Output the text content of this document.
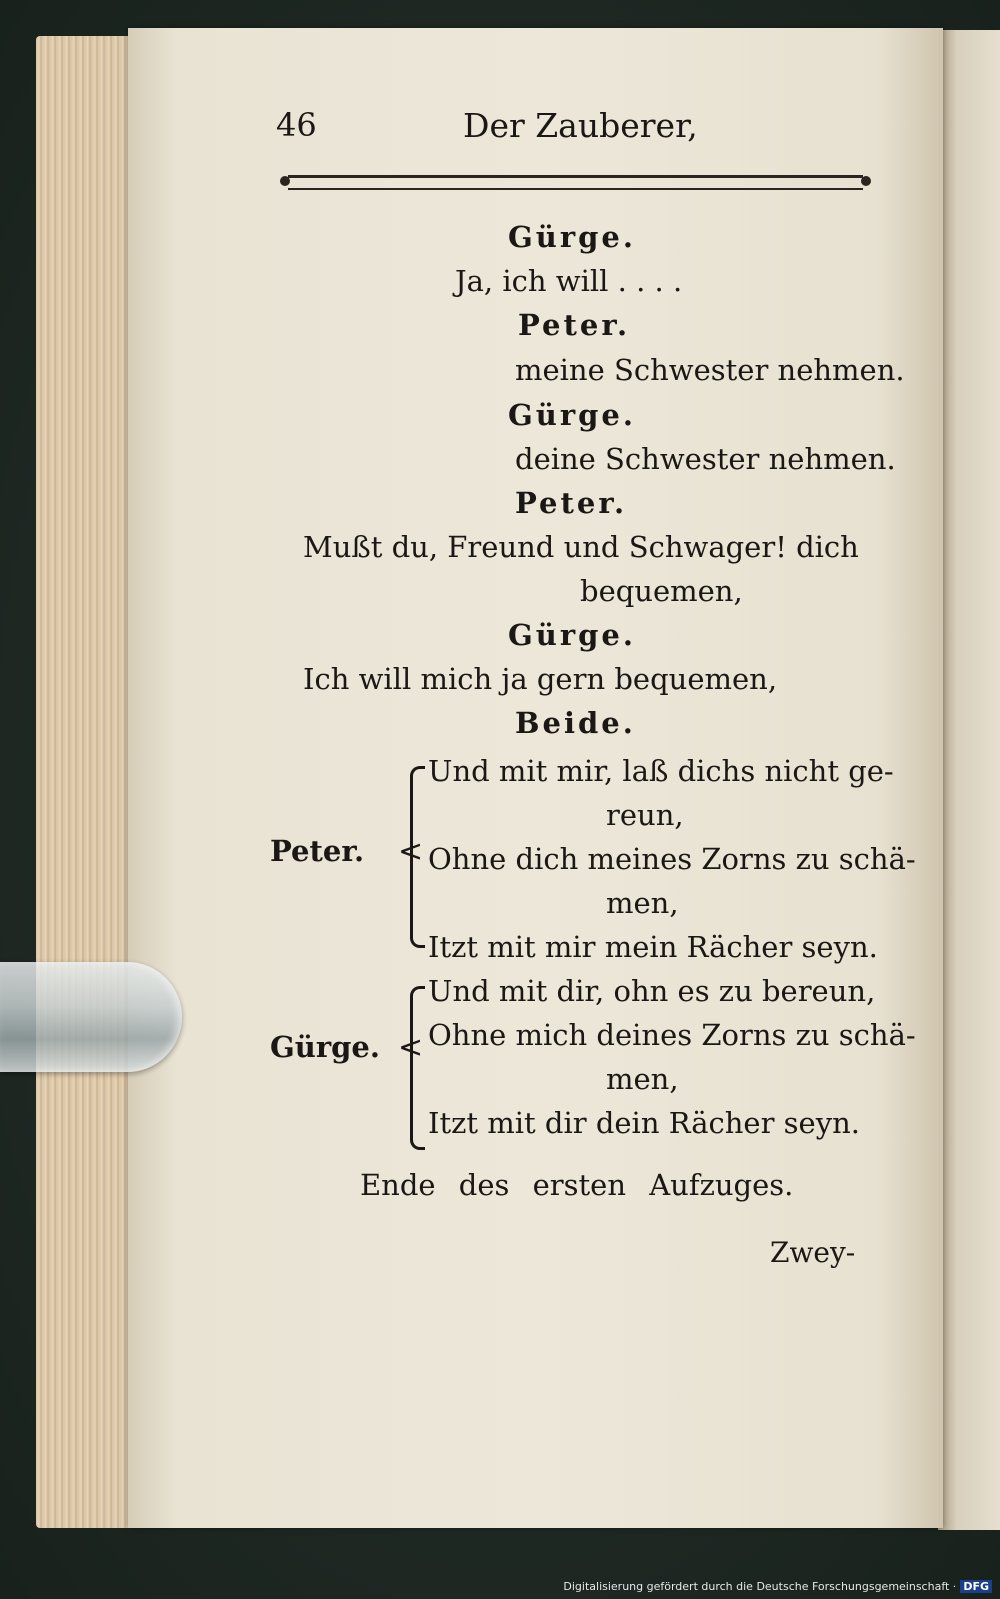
46	Der Zauberer,
Gürge.
Ja, ich will . . . .
Peter.
meine Schwester nehmen.
Gürge.
deine Schwester nehmen.
Peter.
Mußt du, Freund und Schwager! dich
bequemen,
Gürge.
Ich will mich ja gern bequemen,
Beide.
<
Peter.
Und mit mir, laß dichs nicht ge-
reun,
Ohne dich meines Zorns zu schä-
men,
Itzt mit mir mein Rächer seyn.
<
Gürge.
Und mit dir, ohn es zu bereun,
Ohne mich deines Zorns zu schä-
men,
Itzt mit dir dein Rächer seyn.
Ende des ersten Aufzuges.
Zwey-
Digitalisierung gefördert durch die Deutsche Forschungsgemeinschaft · DFG
